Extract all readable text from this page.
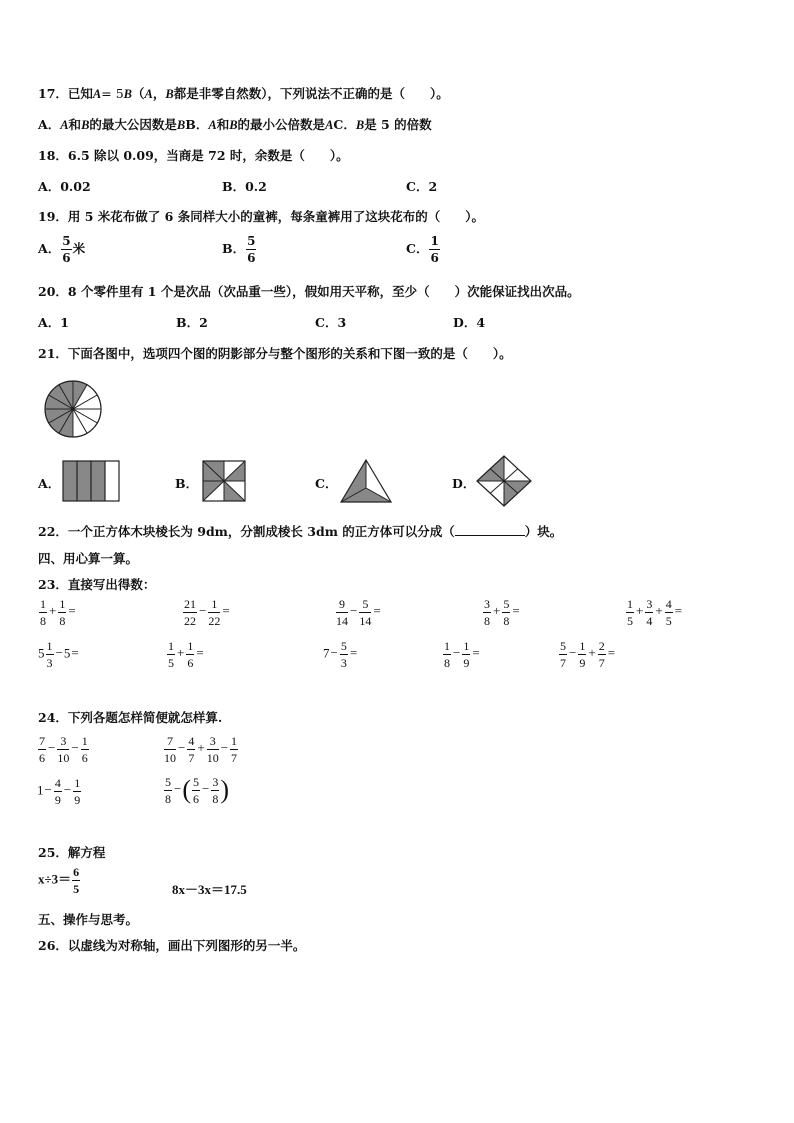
17．已知A= 5B（A，B都是非零自然数），下列说法不正确的是（　　）。
A．A和B的最大公因数是BB．A和B的最小公倍数是AC．B是 5 的倍数
18．6.5 除以 0.09，当商是 72 时，余数是（　　）。
A．0.02	B．0.2	C．2
19．用 5 米花布做了 6 条同样大小的童裤，每条童裤用了这块花布的（　　）。
A． $\frac{5}{6}$ 米	B． $\frac{5}{6}$	C． $\frac{1}{6}$
20．8 个零件里有 1 个是次品（次品重一些），假如用天平称，至少（　　）次能保证找出次品。
A．1	B．2	C．3	D．4
21．下面各图中，选项四个图的阴影部分与整个图形的关系和下图一致的是（　　）。
A．	B．	C．	D．
22．一个正方体木块棱长为 9dm，分割成棱长 3dm 的正方体可以分成（	）块。
四、用心算一算。
23．直接写出得数：
$\frac{1}{8} + \frac{1}{8}$ =	$\frac{21}{22} - \frac{1}{22}$ =	$\frac{9}{14} - \frac{5}{14}$ =	$\frac{3}{8} + \frac{5}{8}$ =	$\frac{1}{5} + \frac{3}{4} + \frac{4}{5}$ =
$5 \frac{1}{3} -5=$	$\frac{1}{5} + \frac{1}{6}$ =	$7- \frac{5}{3}$ =	$\frac{1}{8} - \frac{1}{9}$ =	$\frac{5}{7} - \frac{1}{9} + \frac{2}{7}$ =
24．下列各题怎样简便就怎样算.
$\frac{7}{6} - \frac{3}{10} - \frac{1}{6}$	$\frac{7}{10} - \frac{4}{7} + \frac{3}{10} - \frac{1}{7}$
$1- \frac{4}{9} - \frac{1}{9}$	$\frac{5}{8}$ −( $\frac{5}{6} - \frac{3}{8}$ )
25．解方程
$x\div 3= \frac{6}{5}$	8x－3x＝17.5
五、操作与思考。
26．以虚线为对称轴，画出下列图形的另一半。
